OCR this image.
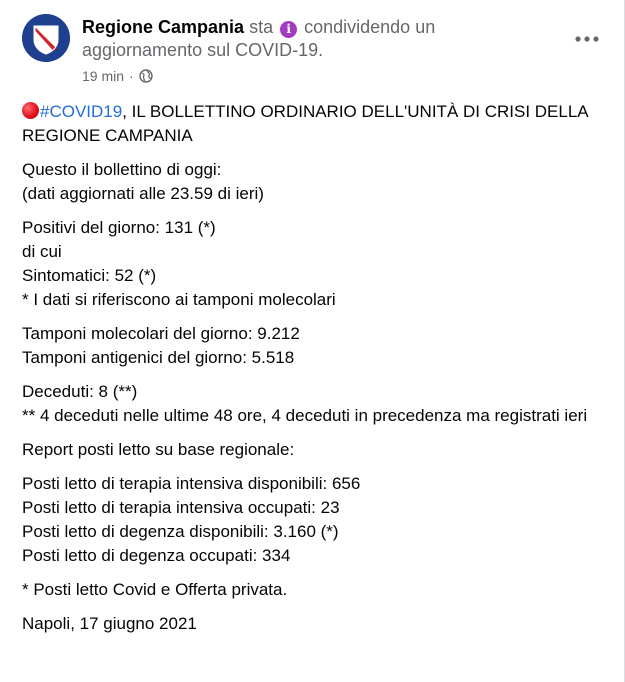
Regione Campania sta i condividendo un aggiornamento sul COVID-19.
19 min ·

#COVID19, IL BOLLETTINO ORDINARIO DELL'UNITÀ DI CRISI DELLA REGIONE CAMPANIA

Questo il bollettino di oggi:
(dati aggiornati alle 23.59 di ieri)

Positivi del giorno: 131 (*)
di cui
Sintomatici: 52 (*)
* I dati si riferiscono ai tamponi molecolari

Tamponi molecolari del giorno: 9.212
Tamponi antigenici del giorno: 5.518

Deceduti: 8 (**)
** 4 deceduti nelle ultime 48 ore, 4 deceduti in precedenza ma registrati ieri

Report posti letto su base regionale:

Posti letto di terapia intensiva disponibili: 656
Posti letto di terapia intensiva occupati: 23
Posti letto di degenza disponibili: 3.160 (*)
Posti letto di degenza occupati: 334

* Posti letto Covid e Offerta privata.

Napoli, 17 giugno 2021
